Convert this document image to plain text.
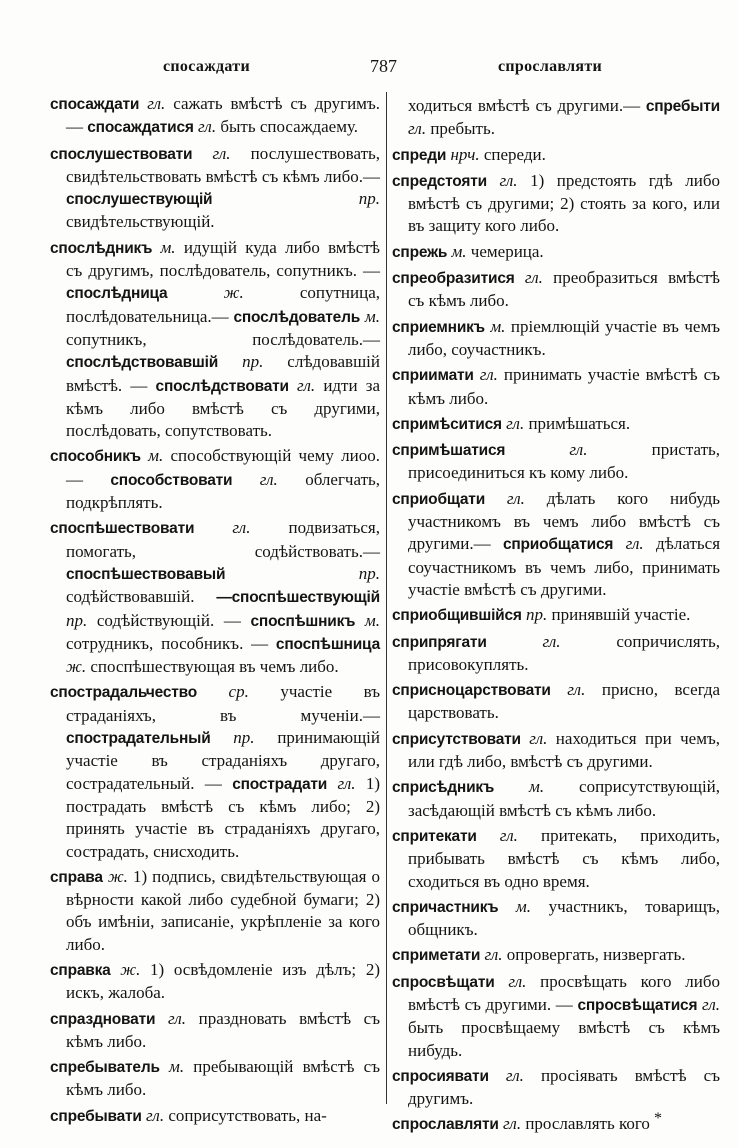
спосаждати	787	спрославляти

спосаждати гл. сажать вмѣстѣ съ другимъ. — спосаждатися гл. быть спосаждаему.

спослушествовати гл. послушествовать, свидѣтельствовать вмѣстѣ съ кѣмъ либо.— спослушествующій	пр. свидѣтельствующій.

спослѣдникъ м. идущій куда либо вмѣстѣ съ другимъ, послѣдователь, сопутникъ. — спослѣдница	ж.	сопутница, послѣдовательница.— спослѣдователь м. сопутникъ, послѣдователь.— спослѣдствовавшій пр. слѣдовавшій вмѣстѣ. — спослѣдствовати гл. идти за кѣмъ либо вмѣстѣ съ другими, послѣдовать, сопутствовать.

способникъ м. способствующій чему лиоо. — способствовати гл. облегчать, подкрѣплять.

споспѣшествовати гл. подвизаться, помогать, содѣйствовать.— споспѣшествовавый	пр. содѣйствовавшій. —споспѣшествующій пр. содѣйствующій. — споспѣшникъ м. сотрудникъ, пособникъ. — споспѣшница ж. споспѣшествующая въ чемъ либо.

спострадальчество ср. участіе въ страданіяхъ, въ мученіи.— спострадательный пр. принимающій участіе въ страданіяхъ другаго, сострадательный. — спострадати гл. 1) пострадать вмѣстѣ съ кѣмъ либо; 2) принять участіе въ страданіяхъ другаго, сострадать, снисходить.

справа ж. 1) подпись, свидѣтельствующая о вѣрности какой либо судебной бумаги; 2) объ имѣніи, записаніе, укрѣпленіе за кого либо.

справка ж. 1) освѣдомленіе изъ дѣлъ; 2) искъ, жалоба.

спраздновати гл. праздновать вмѣстѣ съ кѣмъ либо.

спребыватель м. пребывающій вмѣстѣ съ кѣмъ либо.

спребывати гл. соприсутствовать, на-

ходиться вмѣстѣ съ другими.— спребыти гл. пребыть.

спреди нрч. спереди.

спредстояти гл. 1) предстоять гдѣ либо вмѣстѣ съ другими; 2) стоять за кого, или въ защиту кого либо.

спрежь м. чемерица.

спреобразитися гл. преобразиться вмѣстѣ съ кѣмъ либо.

сприемникъ м. пріемлющій участіе въ чемъ либо, соучастникъ.

сприимати гл. принимать участіе вмѣстѣ съ кѣмъ либо.

спримѣситися гл. примѣшаться.

спримѣшатися	гл.	пристать, присоединиться къ кому либо.

сприобщати гл. дѣлать кого нибудь участникомъ въ чемъ либо вмѣстѣ съ другими.— сприобщатися гл. дѣлаться соучастникомъ въ чемъ либо, принимать участіе вмѣстѣ съ другими.

сприобщившійся пр. принявшій участіе.

сприпрягати	гл.	сопричислять, присовокуплять.

сприсноцарствовати гл. присно, всегда царствовать.

cприсутствовати гл. находиться при чемъ, или гдѣ либо, вмѣстѣ съ другими.

сприсѣдникъ м. соприсутствующій, засѣдающій вмѣстѣ съ кѣмъ либо.

спритекати гл. притекать, приходить, прибывать вмѣстѣ съ кѣмъ либо, сходиться въ одно время.

спричастникъ м. участникъ, товарищъ, общникъ.

сприметати гл. опровергать, низвергать.

спросвѣщати гл. просвѣщать кого либо вмѣстѣ съ другими. — спросвѣщатися гл. быть просвѣщаему вмѣстѣ съ кѣмъ нибудь.

спросиявати гл. просіявать вмѣстѣ съ другимъ.

спрославляти гл. прославлять кого *
